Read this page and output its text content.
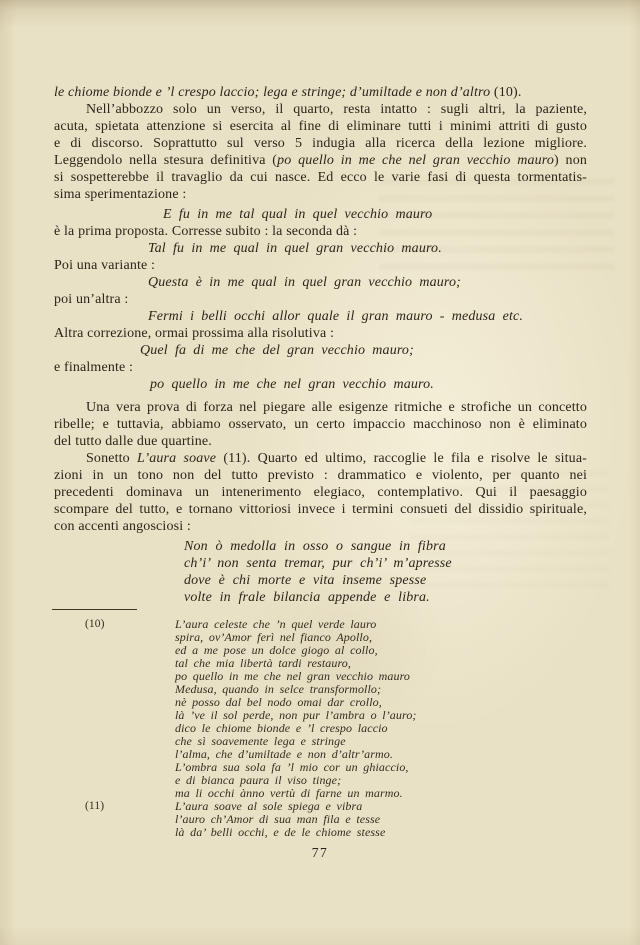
le chiome bionde e ’l crespo laccio; lega e stringe; d’umiltade e non d’altro (10).
Nell’abbozzo solo un verso, il quarto, resta intatto : sugli altri, la paziente,
acuta, spietata attenzione si esercita al fine di eliminare tutti i minimi attriti di gusto
e di discorso. Soprattutto sul verso 5 indugia alla ricerca della lezione migliore.
Leggendolo nella stesura definitiva (po quello in me che nel gran vecchio mauro) non
si sospetterebbe il travaglio da cui nasce. Ed ecco le varie fasi di questa tormentatis-
sima sperimentazione :
E fu in me tal qual in quel vecchio mauro
è la prima proposta. Corresse subito : la seconda dà :
Tal fu in me qual in quel gran vecchio mauro.
Poi una variante :
Questa è in me qual in quel gran vecchio mauro;
poi un’altra :
Fermi i belli occhi allor quale il gran mauro - medusa etc.
Altra correzione, ormai prossima alla risolutiva :
Quel fa di me che del gran vecchio mauro;
e finalmente :
po quello in me che nel gran vecchio mauro.
Una vera prova di forza nel piegare alle esigenze ritmiche e strofiche un concetto
ribelle; e tuttavia, abbiamo osservato, un certo impaccio macchinoso non è eliminato
del tutto dalle due quartine.
Sonetto L’aura soave (11). Quarto ed ultimo, raccoglie le fila e risolve le situa-
zioni in un tono non del tutto previsto : drammatico e violento, per quanto nei
precedenti dominava un intenerimento elegiaco, contemplativo. Qui il paesaggio
scompare del tutto, e tornano vittoriosi invece i termini consueti del dissidio spirituale,
con accenti angosciosi :
Non ò medolla in osso o sangue in fibra
ch’i’ non senta tremar, pur ch’i’ m’apresse
dove è chi morte e vita inseme spesse
volte in frale bilancia appende e libra.
(10)	L’aura celeste che ’n quel verde lauro
spira, ov’Amor ferì nel fianco Apollo,
ed a me pose un dolce giogo al collo,
tal che mia libertà tardi restauro,
po quello in me che nel gran vecchio mauro
Medusa, quando in selce transformollo;
nè posso dal bel nodo omai dar crollo,
là ’ve il sol perde, non pur l’ambra o l’auro;
dico le chiome bionde e ’l crespo laccio
che sì soavemente lega e stringe
l’alma, che d’umiltade e non d’altr’armo.
L’ombra sua sola fa ’l mio cor un ghiaccio,
e di bianca paura il viso tinge;
ma li occhi ànno vertù di farne un marmo.
(11)	L’aura soave al sole spiega e vibra
l’auro ch’Amor di sua man fila e tesse
là da’ belli occhi, e de le chiome stesse
77
